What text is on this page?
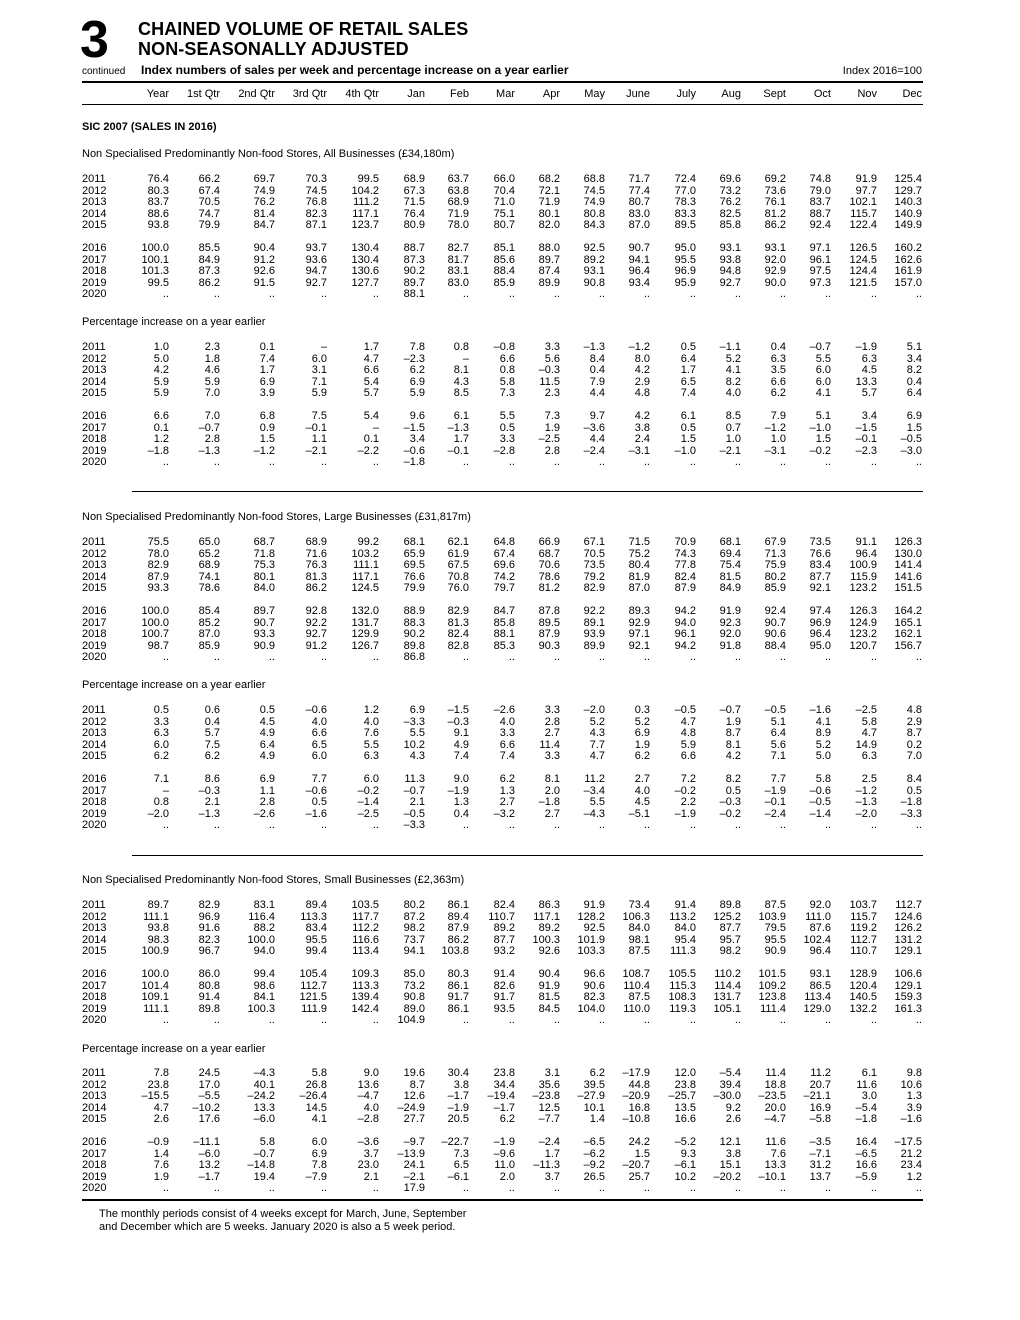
3
continued
CHAINED VOLUME OF RETAIL SALES
NON-SEASONALLY ADJUSTED
Index numbers of sales per week and percentage increase on a year earlier	Index 2016=100
Year	1st Qtr	2nd Qtr	3rd Qtr	4th Qtr	Jan	Feb	Mar	Apr	May	June	July	Aug	Sept	Oct	Nov	Dec
SIC 2007 (SALES IN 2016)
Non Specialised Predominantly Non-food Stores, All Businesses (£34,180m)
2011	76.4	66.2	69.7	70.3	99.5	68.9	63.7	66.0	68.2	68.8	71.7	72.4	69.6	69.2	74.8	91.9	125.4
2012	80.3	67.4	74.9	74.5	104.2	67.3	63.8	70.4	72.1	74.5	77.4	77.0	73.2	73.6	79.0	97.7	129.7
2013	83.7	70.5	76.2	76.8	111.2	71.5	68.9	71.0	71.9	74.9	80.7	78.3	76.2	76.1	83.7	102.1	140.3
2014	88.6	74.7	81.4	82.3	117.1	76.4	71.9	75.1	80.1	80.8	83.0	83.3	82.5	81.2	88.7	115.7	140.9
2015	93.8	79.9	84.7	87.1	123.7	80.9	78.0	80.7	82.0	84.3	87.0	89.5	85.8	86.2	92.4	122.4	149.9
2016	100.0	85.5	90.4	93.7	130.4	88.7	82.7	85.1	88.0	92.5	90.7	95.0	93.1	93.1	97.1	126.5	160.2
2017	100.1	84.9	91.2	93.6	130.4	87.3	81.7	85.6	89.7	89.2	94.1	95.5	93.8	92.0	96.1	124.5	162.6
2018	101.3	87.3	92.6	94.7	130.6	90.2	83.1	88.4	87.4	93.1	96.4	96.9	94.8	92.9	97.5	124.4	161.9
2019	99.5	86.2	91.5	92.7	127.7	89.7	83.0	85.9	89.9	90.8	93.4	95.9	92.7	90.0	97.3	121.5	157.0
2020	..	..	..	..	..	88.1	..	..	..	..	..	..	..	..	..	..	..
Percentage increase on a year earlier
2011	1.0	2.3	0.1	–	1.7	7.8	0.8	–0.8	3.3	–1.3	–1.2	0.5	–1.1	0.4	–0.7	–1.9	5.1
2012	5.0	1.8	7.4	6.0	4.7	–2.3	–	6.6	5.6	8.4	8.0	6.4	5.2	6.3	5.5	6.3	3.4
2013	4.2	4.6	1.7	3.1	6.6	6.2	8.1	0.8	–0.3	0.4	4.2	1.7	4.1	3.5	6.0	4.5	8.2
2014	5.9	5.9	6.9	7.1	5.4	6.9	4.3	5.8	11.5	7.9	2.9	6.5	8.2	6.6	6.0	13.3	0.4
2015	5.9	7.0	3.9	5.9	5.7	5.9	8.5	7.3	2.3	4.4	4.8	7.4	4.0	6.2	4.1	5.7	6.4
2016	6.6	7.0	6.8	7.5	5.4	9.6	6.1	5.5	7.3	9.7	4.2	6.1	8.5	7.9	5.1	3.4	6.9
2017	0.1	–0.7	0.9	–0.1	–	–1.5	–1.3	0.5	1.9	–3.6	3.8	0.5	0.7	–1.2	–1.0	–1.5	1.5
2018	1.2	2.8	1.5	1.1	0.1	3.4	1.7	3.3	–2.5	4.4	2.4	1.5	1.0	1.0	1.5	–0.1	–0.5
2019	–1.8	–1.3	–1.2	–2.1	–2.2	–0.6	–0.1	–2.8	2.8	–2.4	–3.1	–1.0	–2.1	–3.1	–0.2	–2.3	–3.0
2020	..	..	..	..	..	–1.8	..	..	..	..	..	..	..	..	..	..	..
Non Specialised Predominantly Non-food Stores, Large Businesses (£31,817m)
2011	75.5	65.0	68.7	68.9	99.2	68.1	62.1	64.8	66.9	67.1	71.5	70.9	68.1	67.9	73.5	91.1	126.3
2012	78.0	65.2	71.8	71.6	103.2	65.9	61.9	67.4	68.7	70.5	75.2	74.3	69.4	71.3	76.6	96.4	130.0
2013	82.9	68.9	75.3	76.3	111.1	69.5	67.5	69.6	70.6	73.5	80.4	77.8	75.4	75.9	83.4	100.9	141.4
2014	87.9	74.1	80.1	81.3	117.1	76.6	70.8	74.2	78.6	79.2	81.9	82.4	81.5	80.2	87.7	115.9	141.6
2015	93.3	78.6	84.0	86.2	124.5	79.9	76.0	79.7	81.2	82.9	87.0	87.9	84.9	85.9	92.1	123.2	151.5
2016	100.0	85.4	89.7	92.8	132.0	88.9	82.9	84.7	87.8	92.2	89.3	94.2	91.9	92.4	97.4	126.3	164.2
2017	100.0	85.2	90.7	92.2	131.7	88.3	81.3	85.8	89.5	89.1	92.9	94.0	92.3	90.7	96.9	124.9	165.1
2018	100.7	87.0	93.3	92.7	129.9	90.2	82.4	88.1	87.9	93.9	97.1	96.1	92.0	90.6	96.4	123.2	162.1
2019	98.7	85.9	90.9	91.2	126.7	89.8	82.8	85.3	90.3	89.9	92.1	94.2	91.8	88.4	95.0	120.7	156.7
2020	..	..	..	..	..	86.8	..	..	..	..	..	..	..	..	..	..	..
Percentage increase on a year earlier
2011	0.5	0.6	0.5	–0.6	1.2	6.9	–1.5	–2.6	3.3	–2.0	0.3	–0.5	–0.7	–0.5	–1.6	–2.5	4.8
2012	3.3	0.4	4.5	4.0	4.0	–3.3	–0.3	4.0	2.8	5.2	5.2	4.7	1.9	5.1	4.1	5.8	2.9
2013	6.3	5.7	4.9	6.6	7.6	5.5	9.1	3.3	2.7	4.3	6.9	4.8	8.7	6.4	8.9	4.7	8.7
2014	6.0	7.5	6.4	6.5	5.5	10.2	4.9	6.6	11.4	7.7	1.9	5.9	8.1	5.6	5.2	14.9	0.2
2015	6.2	6.2	4.9	6.0	6.3	4.3	7.4	7.4	3.3	4.7	6.2	6.6	4.2	7.1	5.0	6.3	7.0
2016	7.1	8.6	6.9	7.7	6.0	11.3	9.0	6.2	8.1	11.2	2.7	7.2	8.2	7.7	5.8	2.5	8.4
2017	–	–0.3	1.1	–0.6	–0.2	–0.7	–1.9	1.3	2.0	–3.4	4.0	–0.2	0.5	–1.9	–0.6	–1.2	0.5
2018	0.8	2.1	2.8	0.5	–1.4	2.1	1.3	2.7	–1.8	5.5	4.5	2.2	–0.3	–0.1	–0.5	–1.3	–1.8
2019	–2.0	–1.3	–2.6	–1.6	–2.5	–0.5	0.4	–3.2	2.7	–4.3	–5.1	–1.9	–0.2	–2.4	–1.4	–2.0	–3.3
2020	..	..	..	..	..	–3.3	..	..	..	..	..	..	..	..	..	..	..
Non Specialised Predominantly Non-food Stores, Small Businesses (£2,363m)
2011	89.7	82.9	83.1	89.4	103.5	80.2	86.1	82.4	86.3	91.9	73.4	91.4	89.8	87.5	92.0	103.7	112.7
2012	111.1	96.9	116.4	113.3	117.7	87.2	89.4	110.7	117.1	128.2	106.3	113.2	125.2	103.9	111.0	115.7	124.6
2013	93.8	91.6	88.2	83.4	112.2	98.2	87.9	89.2	89.2	92.5	84.0	84.0	87.7	79.5	87.6	119.2	126.2
2014	98.3	82.3	100.0	95.5	116.6	73.7	86.2	87.7	100.3	101.9	98.1	95.4	95.7	95.5	102.4	112.7	131.2
2015	100.9	96.7	94.0	99.4	113.4	94.1	103.8	93.2	92.6	103.3	87.5	111.3	98.2	90.9	96.4	110.7	129.1
2016	100.0	86.0	99.4	105.4	109.3	85.0	80.3	91.4	90.4	96.6	108.7	105.5	110.2	101.5	93.1	128.9	106.6
2017	101.4	80.8	98.6	112.7	113.3	73.2	86.1	82.6	91.9	90.6	110.4	115.3	114.4	109.2	86.5	120.4	129.1
2018	109.1	91.4	84.1	121.5	139.4	90.8	91.7	91.7	81.5	82.3	87.5	108.3	131.7	123.8	113.4	140.5	159.3
2019	111.1	89.8	100.3	111.9	142.4	89.0	86.1	93.5	84.5	104.0	110.0	119.3	105.1	111.4	129.0	132.2	161.3
2020	..	..	..	..	..	104.9	..	..	..	..	..	..	..	..	..	..	..
Percentage increase on a year earlier
2011	7.8	24.5	–4.3	5.8	9.0	19.6	30.4	23.8	3.1	6.2	–17.9	12.0	–5.4	11.4	11.2	6.1	9.8
2012	23.8	17.0	40.1	26.8	13.6	8.7	3.8	34.4	35.6	39.5	44.8	23.8	39.4	18.8	20.7	11.6	10.6
2013	–15.5	–5.5	–24.2	–26.4	–4.7	12.6	–1.7	–19.4	–23.8	–27.9	–20.9	–25.7	–30.0	–23.5	–21.1	3.0	1.3
2014	4.7	–10.2	13.3	14.5	4.0	–24.9	–1.9	–1.7	12.5	10.1	16.8	13.5	9.2	20.0	16.9	–5.4	3.9
2015	2.6	17.6	–6.0	4.1	–2.8	27.7	20.5	6.2	–7.7	1.4	–10.8	16.6	2.6	–4.7	–5.8	–1.8	–1.6
2016	–0.9	–11.1	5.8	6.0	–3.6	–9.7	–22.7	–1.9	–2.4	–6.5	24.2	–5.2	12.1	11.6	–3.5	16.4	–17.5
2017	1.4	–6.0	–0.7	6.9	3.7	–13.9	7.3	–9.6	1.7	–6.2	1.5	9.3	3.8	7.6	–7.1	–6.5	21.2
2018	7.6	13.2	–14.8	7.8	23.0	24.1	6.5	11.0	–11.3	–9.2	–20.7	–6.1	15.1	13.3	31.2	16.6	23.4
2019	1.9	–1.7	19.4	–7.9	2.1	–2.1	–6.1	2.0	3.7	26.5	25.7	10.2	–20.2	–10.1	13.7	–5.9	1.2
2020	..	..	..	..	..	17.9	..	..	..	..	..	..	..	..	..	..	..
The monthly periods consist of 4 weeks except for March, June, September
and December which are 5 weeks. January 2020 is also a 5 week period.
